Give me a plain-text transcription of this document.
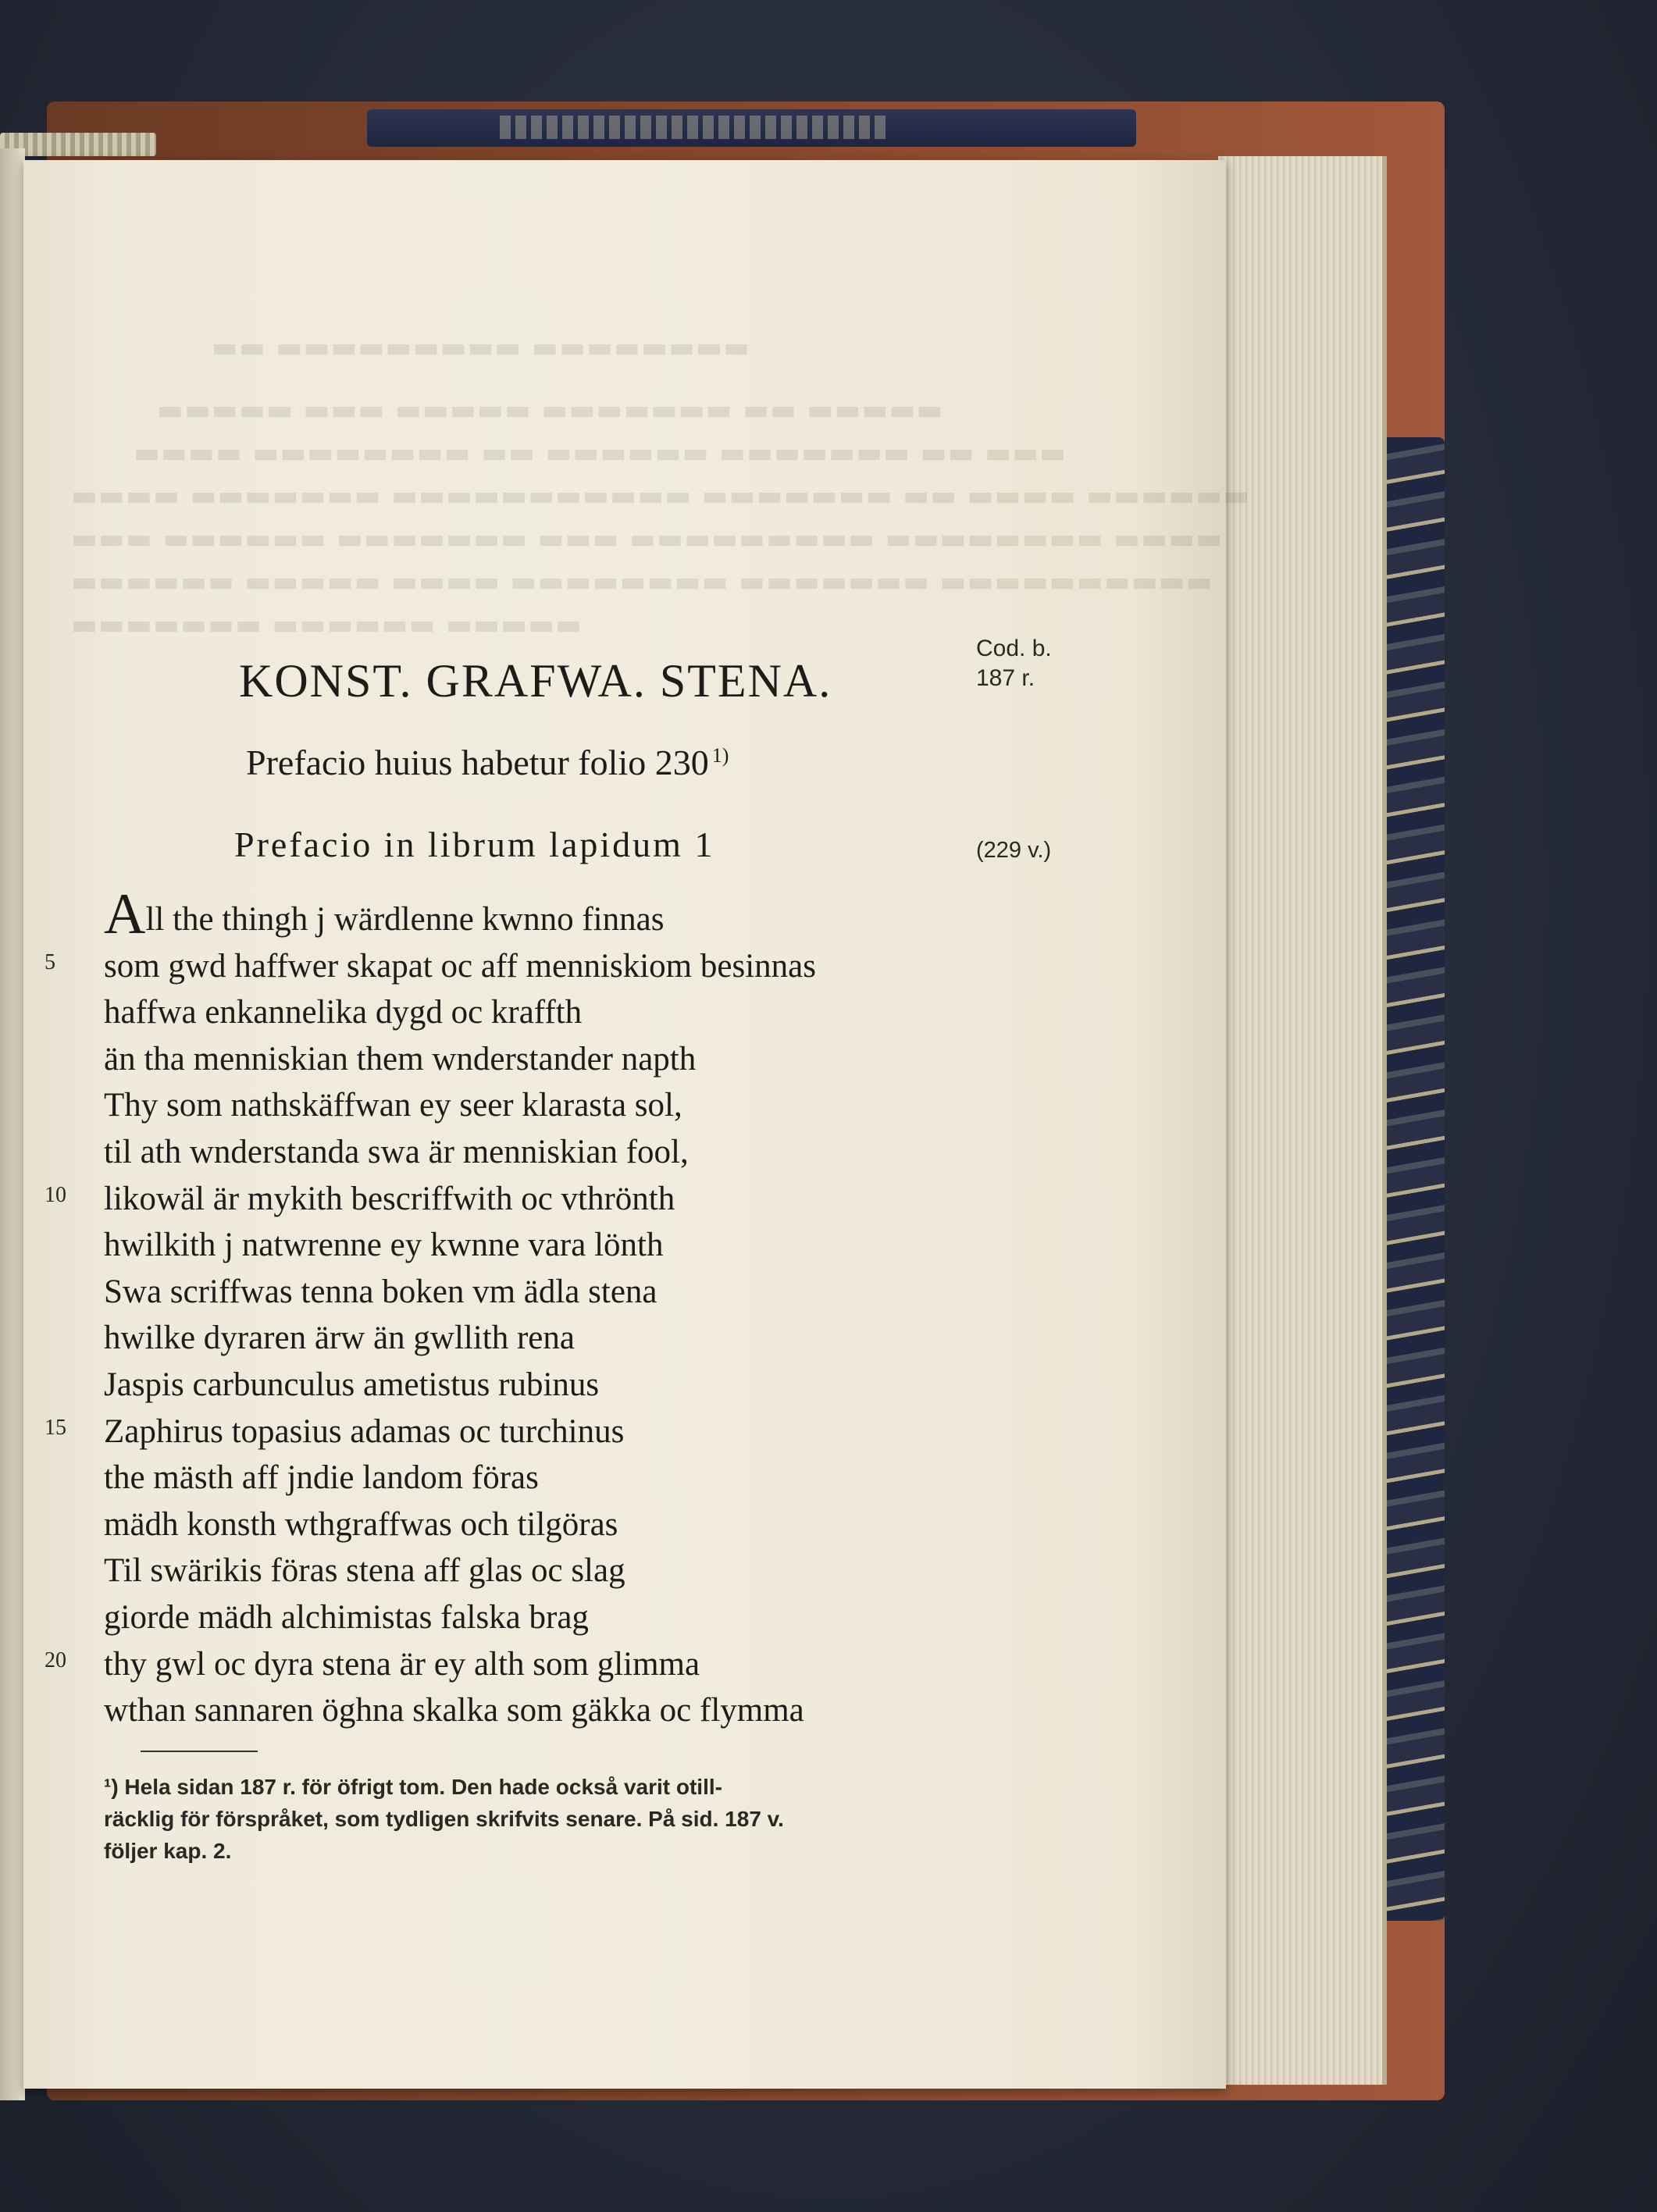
▬▬▬▬▬▬▬▬ ▬▬▬▬▬▬▬▬▬ ▬▬
▬▬▬▬▬ ▬▬ ▬▬▬▬▬▬▬ ▬▬▬▬▬ ▬▬▬ ▬▬▬▬▬
▬▬▬ ▬▬ ▬▬▬▬▬▬▬ ▬▬▬▬▬▬ ▬▬ ▬▬▬▬▬▬▬▬ ▬▬▬▬
▬▬▬▬▬▬ ▬▬▬▬ ▬▬ ▬▬▬▬▬▬▬ ▬▬▬▬▬▬▬▬▬▬▬ ▬▬▬▬▬▬▬ ▬▬▬▬
▬▬▬▬ ▬▬▬▬▬▬▬▬ ▬▬▬▬▬▬▬▬▬ ▬▬▬ ▬▬▬▬▬▬▬ ▬▬▬▬▬▬ ▬▬▬
▬▬▬▬▬▬▬▬▬▬ ▬▬▬▬▬▬▬ ▬▬▬▬▬▬▬▬ ▬▬▬▬ ▬▬▬▬▬ ▬▬▬▬▬▬
▬▬▬▬▬ ▬▬▬▬▬▬ ▬▬▬▬▬▬▬
KONST. GRAFWA. STENA.
Prefacio huius habetur folio 230 $^{1)}$
Prefacio in librum lapidum 1
Cod. b.
187 r.
(229 v.)
All the thingh j wärdlenne kwnno finnas
5 som gwd haffwer skapat oc aff menniskiom besinnas
haffwa enkannelika dygd oc kraffth
än tha menniskian them wnderstander napth
Thy som nathskäffwan ey seer klarasta sol,
til ath wnderstanda swa är menniskian fool,
10 likowäl är mykith bescriffwith oc vthrönth
hwilkith j natwrenne ey kwnne vara lönth
Swa scriffwas tenna boken vm ädla stena
hwilke dyraren ärw än gwllith rena
Jaspis carbunculus ametistus rubinus
15 Zaphirus topasius adamas oc turchinus
the mästh aff jndie landom föras
mädh konsth wthgraffwas och tilgöras
Til swärikis föras stena aff glas oc slag
giorde mädh alchimistas falska brag
20 thy gwl oc dyra stena är ey alth som glimma
wthan sannaren öghna skalka som gäkka oc flymma
¹) Hela sidan 187 r. för öfrigt tom. Den hade också varit otill-
räcklig för förspråket, som tydligen skrifvits senare. På sid. 187 v.
följer kap. 2.
